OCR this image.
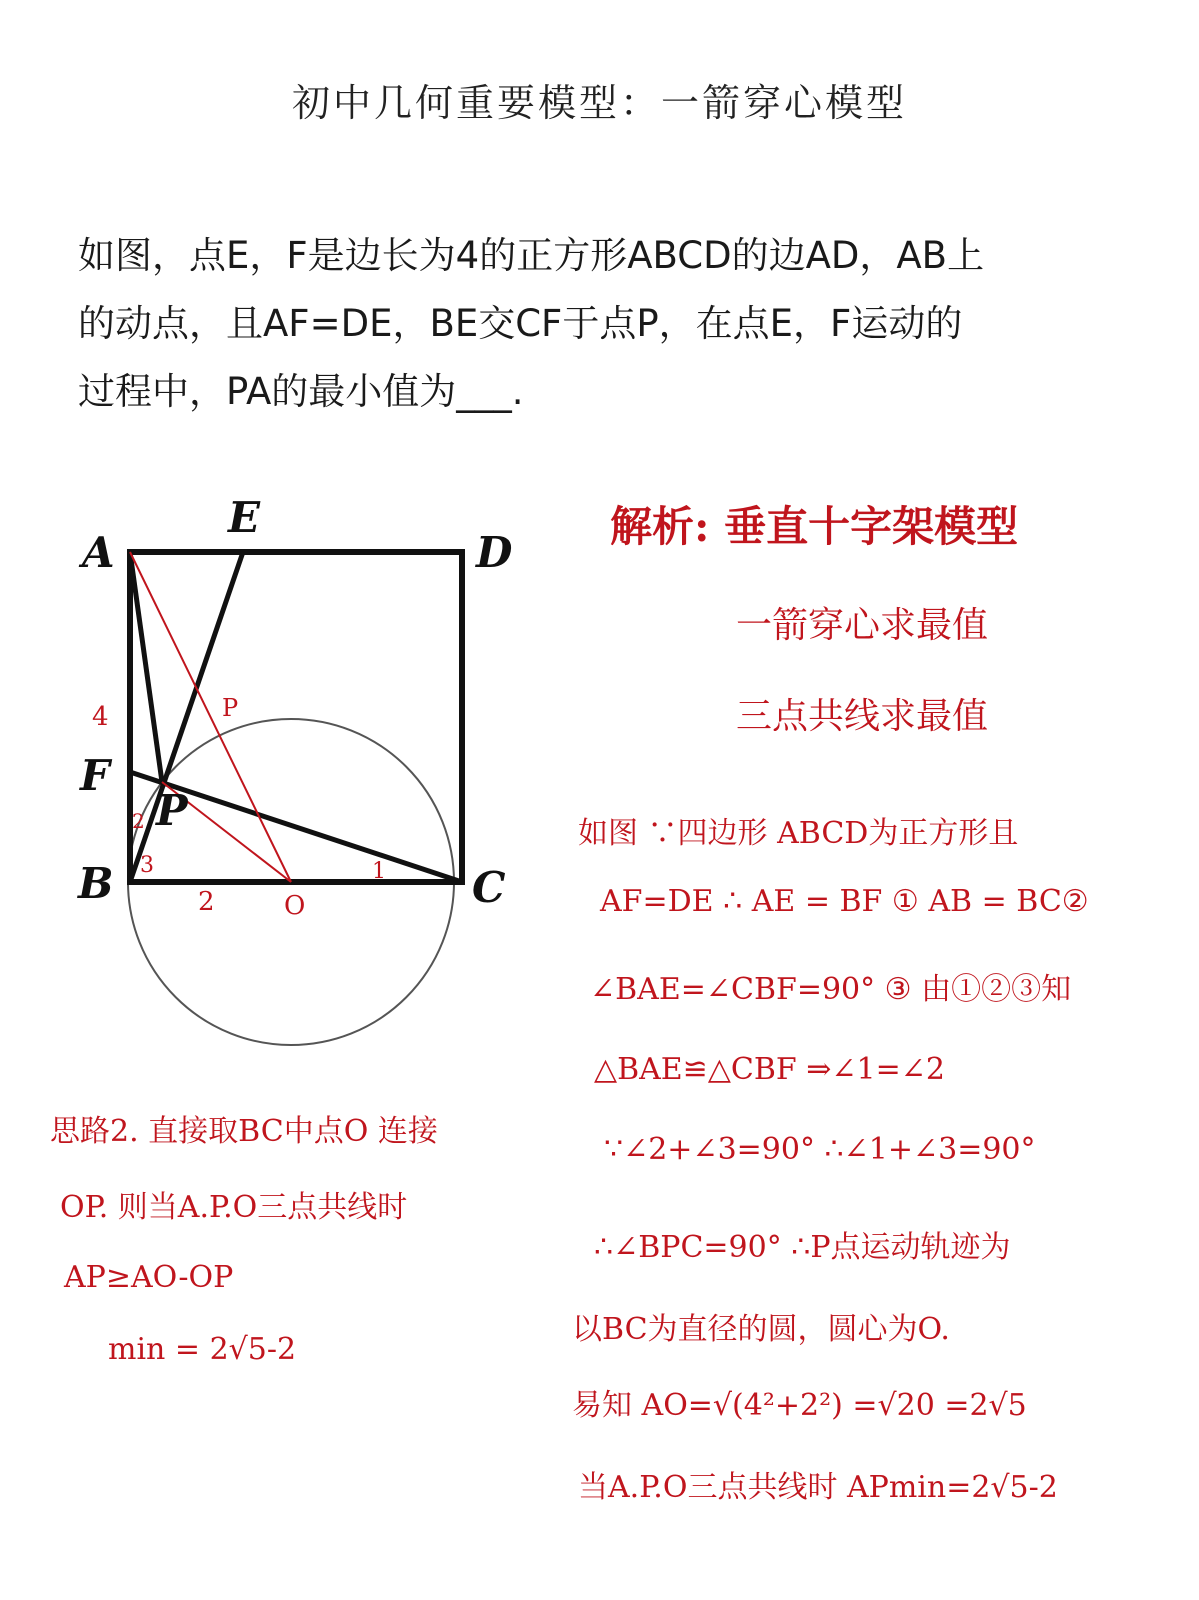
初中几何重要模型：一箭穿心模型
如图，点E，F是边长为4的正方形ABCD的边AD，AB上
的动点，且AF=DE，BE交CF于点P，在点E，F运动的
过程中，PA的最小值为___.
A
E
D
F
P
B	C
4	P
2
3	1
2	O
解析: 垂直十字架模型
一箭穿心求最值
三点共线求最值
如图 ∵四边形 ABCD为正方形且
AF=DE ∴ AE = BF ① AB = BC②
∠BAE=∠CBF=90° ③ 由①②③知
△BAE≌△CBF ⇒∠1=∠2
∵∠2+∠3=90° ∴∠1+∠3=90°
∴∠BPC=90° ∴P点运动轨迹为
以BC为直径的圆，圆心为O.
易知 AO=√(4²+2²) =√20 =2√5
当A.P.O三点共线时 APmin=2√5-2
思路2. 直接取BC中点O 连接
OP. 则当A.P.O三点共线时
AP≥AO-OP
min = 2√5-2
